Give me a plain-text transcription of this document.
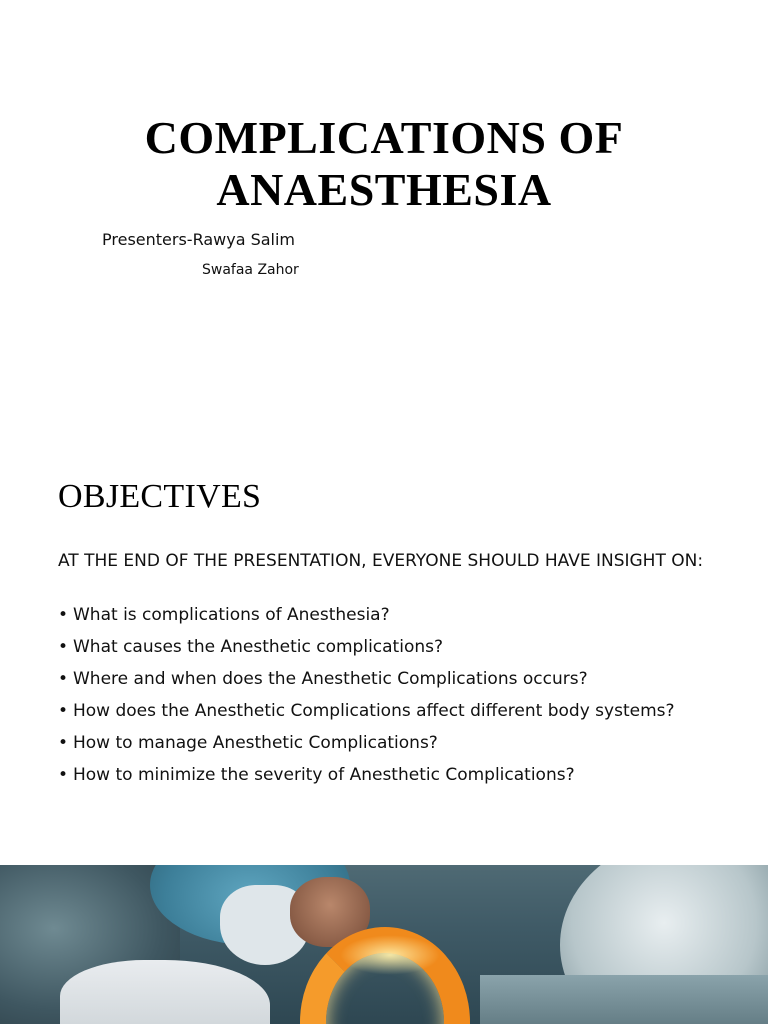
COMPLICATIONS OF
ANAESTHESIA
Presenters-Rawya Salim
Swafaa Zahor
OBJECTIVES
AT THE END OF THE PRESENTATION, EVERYONE SHOULD HAVE INSIGHT ON:
• What is complications of Anesthesia?
• What causes the Anesthetic complications?
• Where and when does the Anesthetic Complications occurs?
• How does the Anesthetic Complications affect different body systems?
• How to manage Anesthetic Complications?
• How to minimize the severity of Anesthetic Complications?
